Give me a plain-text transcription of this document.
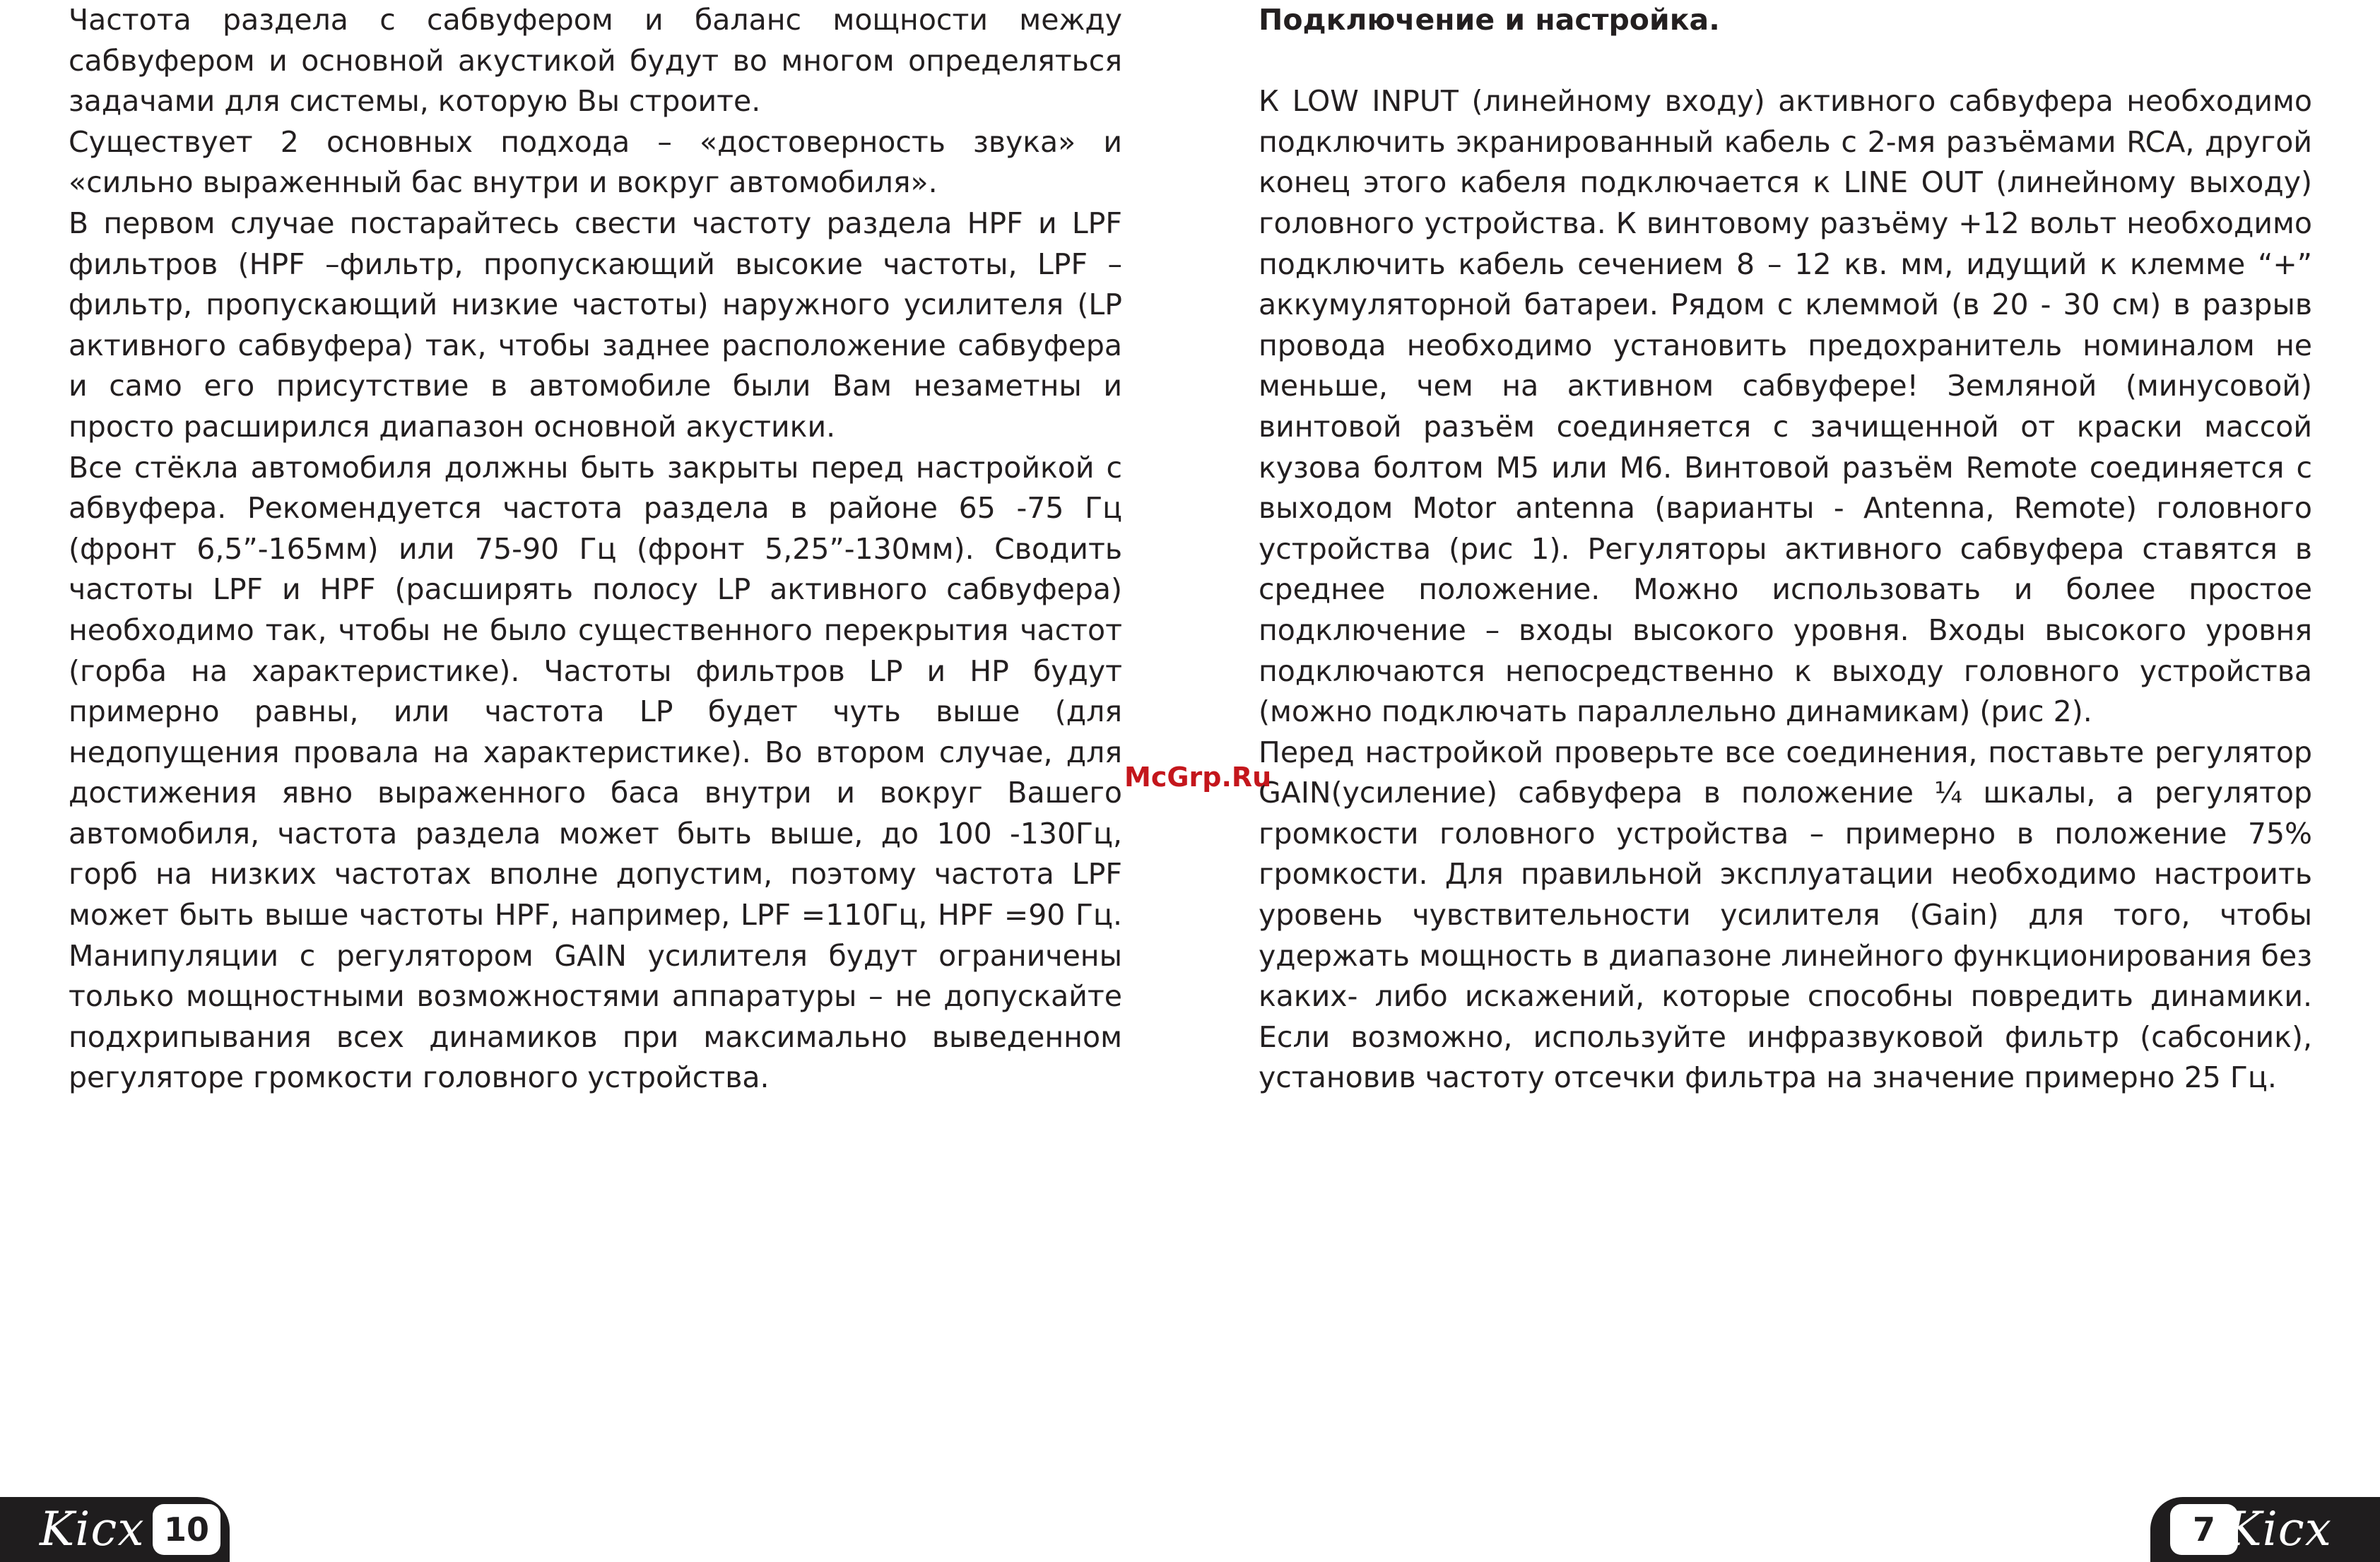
Частота раздела с сабвуфером и баланс мощности между сабвуфером и основной акустикой будут во многом определяться задачами для системы, которую Вы строите.

Существует 2 основных подхода – «достоверность звука» и «сильно выраженный бас внутри и вокруг автомобиля».

В первом случае постарайтесь свести частоту раздела HPF и LPF фильтров (HPF –фильтр, пропускающий высокие частоты, LPF – фильтр, пропускающий низкие частоты) наружного усилителя (LP активного сабвуфера) так, чтобы заднее расположение сабвуфера и само его присутствие в автомобиле были Вам незаметны и просто расширился диапазон основной акустики.

Все стёкла автомобиля должны быть закрыты перед настройкой с абвуфера. Рекомендуется частота раздела в районе 65 -75 Гц (фронт 6,5”-165мм) или 75-90 Гц (фронт 5,25”-130мм). Сводить частоты LPF и HPF (расширять полосу LP активного сабвуфера) необходимо так, чтобы не было существенного перекрытия частот (горба на характеристике). Частоты фильтров LP и HP будут примерно равны, или частота LP будет чуть выше (для недопущения провала на характеристике). Во втором случае, для достижения явно выраженного баса внутри и вокруг Вашего автомобиля, частота раздела может быть выше, до 100 -130Гц, горб на низких частотах вполне допустим, поэтому частота LPF может быть выше частоты HPF, например, LPF =110Гц, HPF =90 Гц. Манипуляции с регулятором GAIN усилителя будут ограничены только мощностными возможностями аппаратуры – не допускайте подхрипывания всех динамиков при максимально выведенном регуляторе громкости головного устройства.

Подключение и настройка.

К LOW INPUT (линейному входу) активного сабвуфера необходимо подключить экранированный кабель с 2-мя разъёмами RCA, другой конец этого кабеля подключается к LINE OUT (линейному выходу) головного устройства. К винтовому разъёму +12 вольт необходимо подключить кабель сечением 8 – 12 кв. мм, идущий к клемме “+” аккумуляторной батареи. Рядом с клеммой (в 20 - 30 см) в разрыв провода необходимо установить предохранитель номиналом не меньше, чем на активном сабвуфере! Земляной (минусовой) винтовой разъём соединяется с зачищенной от краски массой кузова болтом М5 или М6. Винтовой разъём Remote соединяется с выходом Motor antenna (варианты - Antenna, Remote) головного устройства (рис 1). Регуляторы активного сабвуфера ставятся в среднее положение. Можно использовать и более простое подключение – входы высокого уровня. Входы высокого уровня подключаются непосредственно к выходу головного устройства (можно подключать параллельно динамикам) (рис 2).

Перед настройкой проверьте все соединения, поставьте регулятор GAIN(усиление) сабвуфера в положение ¼ шкалы, а регулятор громкости головного устройства – примерно в положение 75% громкости. Для правильной эксплуатации необходимо настроить уровень чувствительности усилителя (Gain) для того, чтобы удержать мощность в диапазоне линейного функционирования без каких- либо искажений, которые способны повредить динамики. Если возможно, используйте инфразвуковой фильтр (сабсоник), установив частоту отсечки фильтра на значение примерно 25 Гц.

McGrp.Ru
Kicx 10	7 Kicx
